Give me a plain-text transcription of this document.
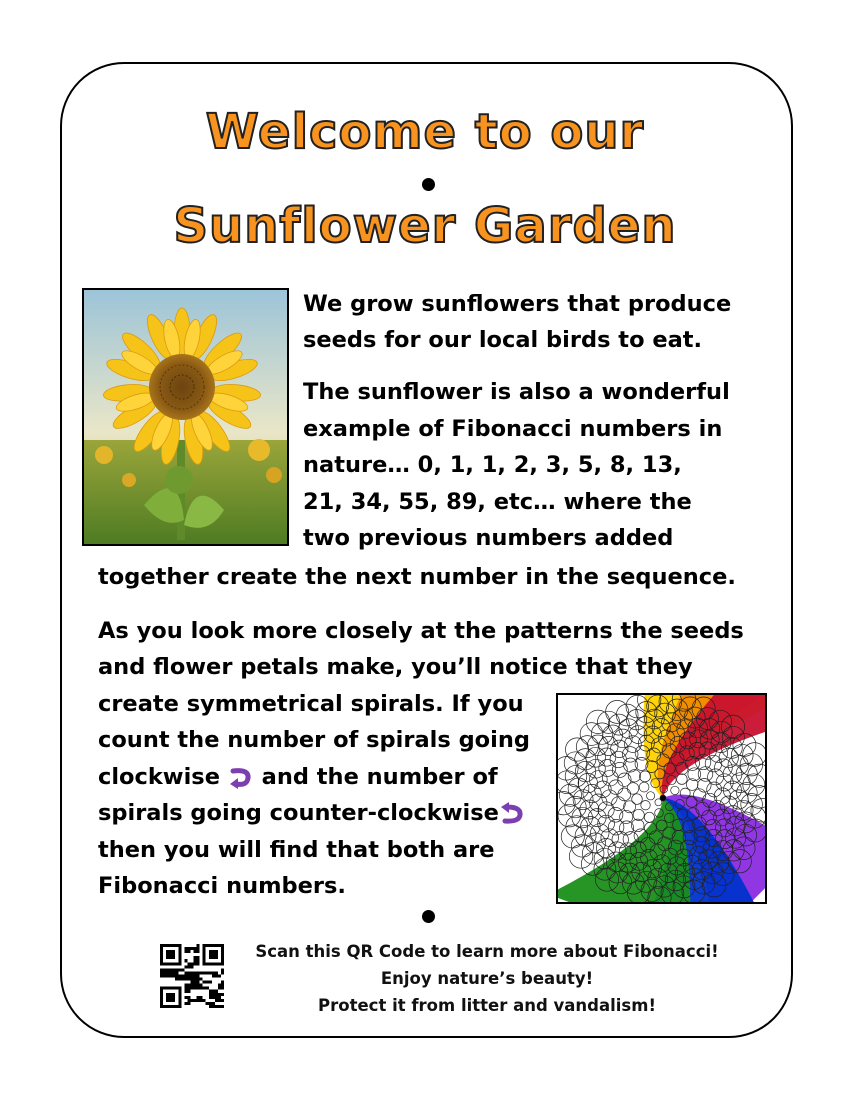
Welcome to our
Sunflower Garden

We grow sunflowers that produce

seeds for our local birds to eat.

The sunflower is also a wonderful

example of Fibonacci numbers in

nature… 0, 1, 1, 2, 3, 5, 8, 13,

21, 34, 55, 89, etc… where the

two previous numbers added

together create the next number in the sequence.

As you look more closely at the patterns the seeds

and flower petals make, you’ll notice that they

create symmetrical spirals. If you

count the number of spirals going

clockwise and the number of

spirals going counter-clockwise

then you will find that both are

Fibonacci numbers.

Scan this QR Code to learn more about Fibonacci!
Enjoy nature’s beauty!
Protect it from litter and vandalism!
